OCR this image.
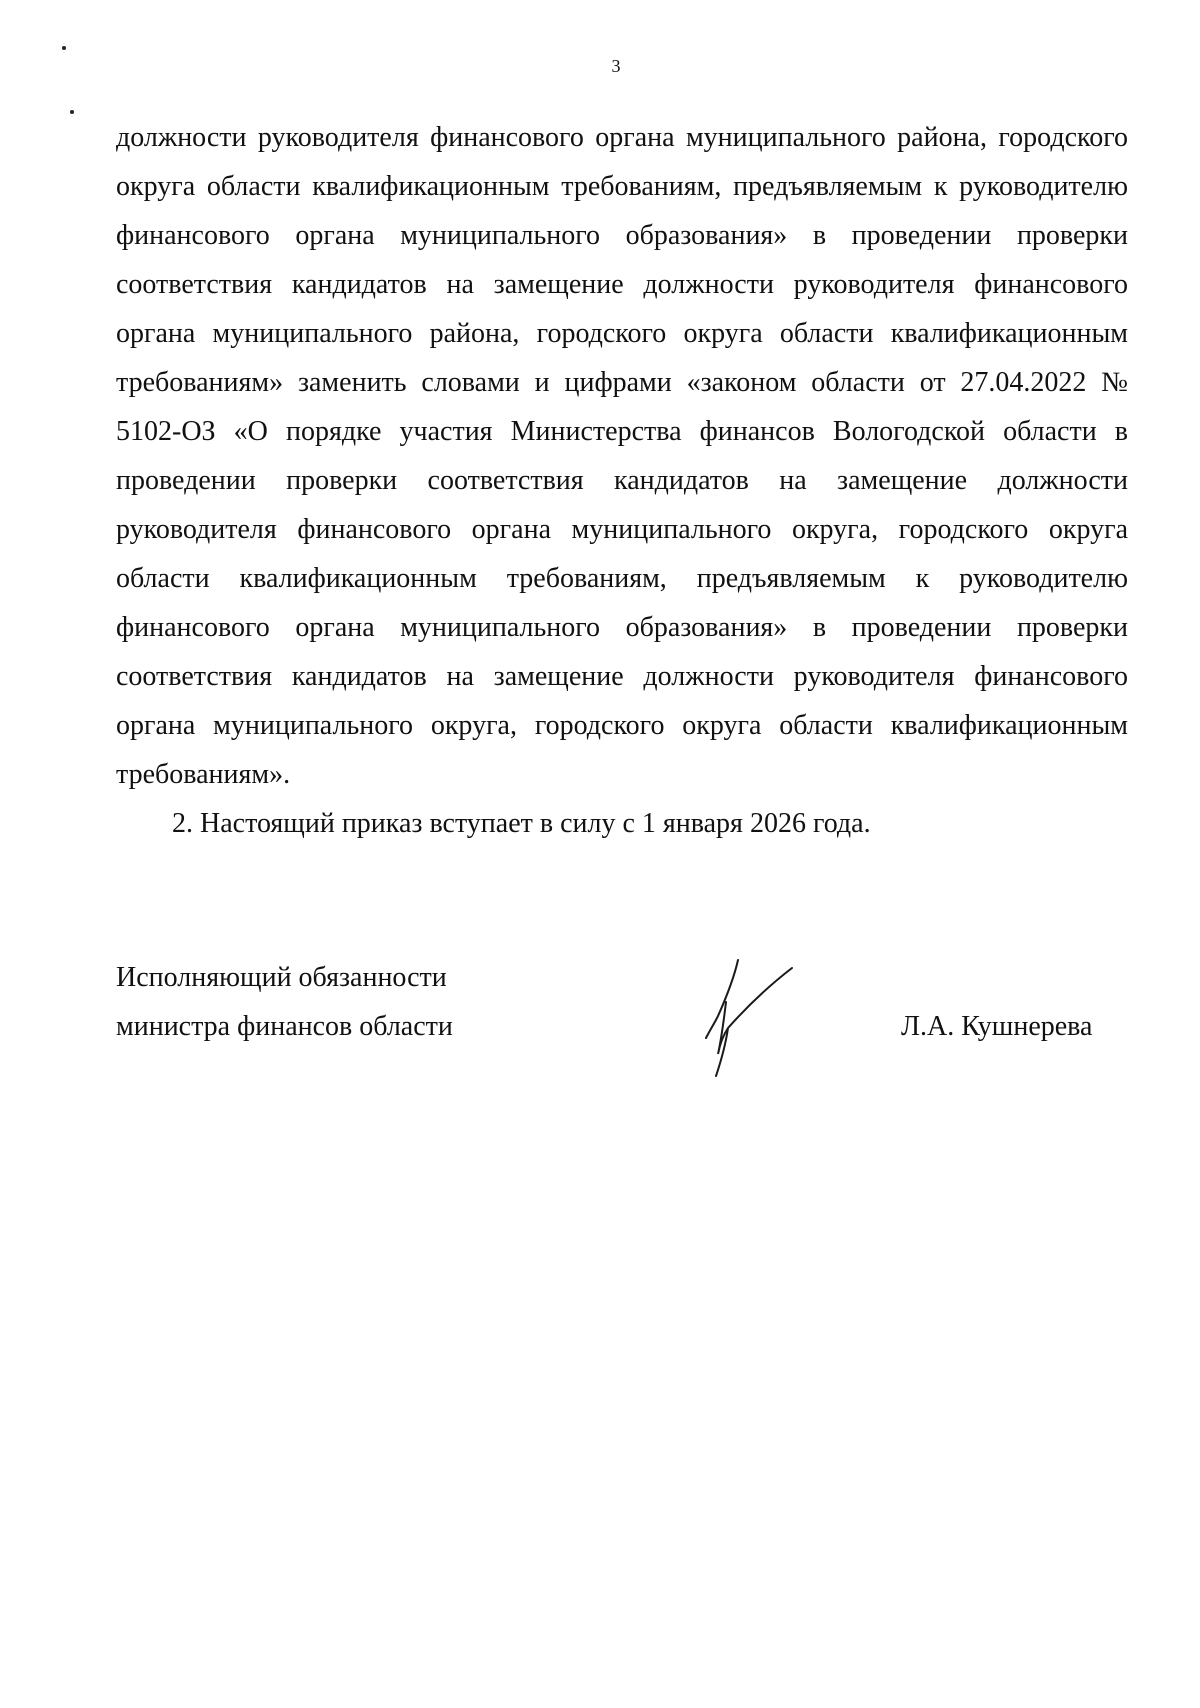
3

должности руководителя финансового органа муниципального района, городского округа области квалификационным требованиям, предъявляемым к руководителю финансового органа муниципального образования» в проведении проверки соответствия кандидатов на замещение должности руководителя финансового органа муниципального района, городского округа области квалификационным требованиям» заменить словами и цифрами «законом области от 27.04.2022 № 5102-ОЗ «О порядке участия Министерства финансов Вологодской области в проведении проверки соответствия кандидатов на замещение должности руководителя финансового органа муниципального округа, городского округа области квалификационным требованиям, предъявляемым к руководителю финансового органа муниципального образования» в проведении проверки соответствия кандидатов на замещение должности руководителя финансового органа муниципального округа, городского округа области квалификационным требованиям».

2. Настоящий приказ вступает в силу с 1 января 2026 года.

Исполняющий обязанности
министра финансов области	Л.А. Кушнерева
